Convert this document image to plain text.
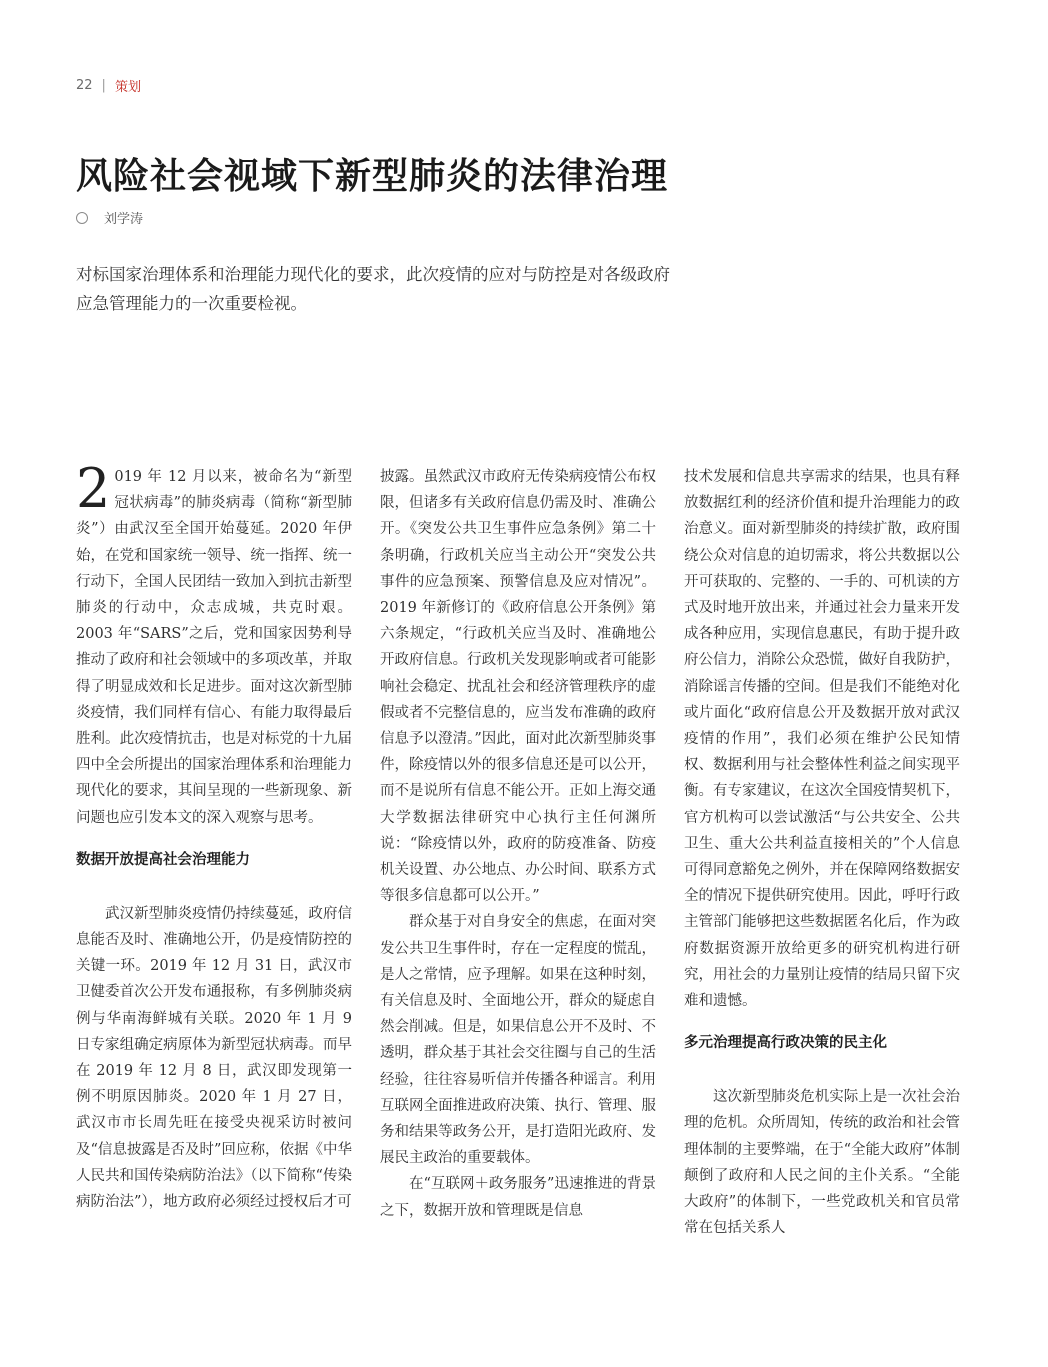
22 | 策划
风险社会视域下新型肺炎的法律治理
刘学涛
对标国家治理体系和治理能力现代化的要求，此次疫情的应对与防控是对各级政府应急管理能力的一次重要检视。

2 019 年 12 月以来，被命名为“新型冠状病毒”的肺炎病毒（简称“新型肺炎”）由武汉至全国开始蔓延。2020 年伊始，在党和国家统一领导、统一指挥、统一行动下，全国人民团结一致加入到抗击新型肺炎的行动中，众志成城，共克时艰。2003 年“SARS”之后，党和国家因势利导推动了政府和社会领域中的多项改革，并取得了明显成效和长足进步。面对这次新型肺炎疫情，我们同样有信心、有能力取得最后胜利。此次疫情抗击，也是对标党的十九届四中全会所提出的国家治理体系和治理能力现代化的要求，其间呈现的一些新现象、新问题也应引发本文的深入观察与思考。

数据开放提高社会治理能力

武汉新型肺炎疫情仍持续蔓延，政府信息能否及时、准确地公开，仍是疫情防控的关键一环。2019 年 12 月 31 日，武汉市卫健委首次公开发布通报称，有多例肺炎病例与华南海鲜城有关联。2020 年 1 月 9 日专家组确定病原体为新型冠状病毒。而早在 2019 年 12 月 8 日，武汉即发现第一例不明原因肺炎。2020 年 1 月 27 日，武汉市市长周先旺在接受央视采访时被问及“信息披露是否及时”回应称，依据《中华人民共和国传染病防治法》（以下简称“传染病防治法”），地方政府必须经过授权后才可

披露。虽然武汉市政府无传染病疫情公布权限，但诸多有关政府信息仍需及时、准确公开。《突发公共卫生事件应急条例》第二十条明确，行政机关应当主动公开“突发公共事件的应急预案、预警信息及应对情况”。2019 年新修订的《政府信息公开条例》第六条规定，“行政机关应当及时、准确地公开政府信息。行政机关发现影响或者可能影响社会稳定、扰乱社会和经济管理秩序的虚假或者不完整信息的，应当发布准确的政府信息予以澄清。”因此，面对此次新型肺炎事件，除疫情以外的很多信息还是可以公开，而不是说所有信息不能公开。正如上海交通大学数据法律研究中心执行主任何渊所说：“除疫情以外，政府的防疫准备、防疫机关设置、办公地点、办公时间、联系方式等很多信息都可以公开。”

群众基于对自身安全的焦虑，在面对突发公共卫生事件时，存在一定程度的慌乱，是人之常情，应予理解。如果在这种时刻，有关信息及时、全面地公开，群众的疑虑自然会削减。但是，如果信息公开不及时、不透明，群众基于其社会交往圈与自己的生活经验，往往容易听信并传播各种谣言。利用互联网全面推进政府决策、执行、管理、服务和结果等政务公开，是打造阳光政府、发展民主政治的重要载体。

在“互联网＋政务服务”迅速推进的背景之下，数据开放和管理既是信息

技术发展和信息共享需求的结果，也具有释放数据红利的经济价值和提升治理能力的政治意义。面对新型肺炎的持续扩散，政府围绕公众对信息的迫切需求，将公共数据以公开可获取的、完整的、一手的、可机读的方式及时地开放出来，并通过社会力量来开发成各种应用，实现信息惠民，有助于提升政府公信力，消除公众恐慌，做好自我防护，消除谣言传播的空间。但是我们不能绝对化或片面化“政府信息公开及数据开放对武汉疫情的作用”，我们必须在维护公民知情权、数据利用与社会整体性利益之间实现平衡。有专家建议，在这次全国疫情契机下，官方机构可以尝试激活“与公共安全、公共卫生、重大公共利益直接相关的”个人信息可得同意豁免之例外，并在保障网络数据安全的情况下提供研究使用。因此，呼吁行政主管部门能够把这些数据匿名化后，作为政府数据资源开放给更多的研究机构进行研究，用社会的力量别让疫情的结局只留下灾难和遗憾。

多元治理提高行政决策的民主化

这次新型肺炎危机实际上是一次社会治理的危机。众所周知，传统的政治和社会管理体制的主要弊端，在于“全能大政府”体制颠倒了政府和人民之间的主仆关系。“全能大政府”的体制下，一些党政机关和官员常常在包括关系人
